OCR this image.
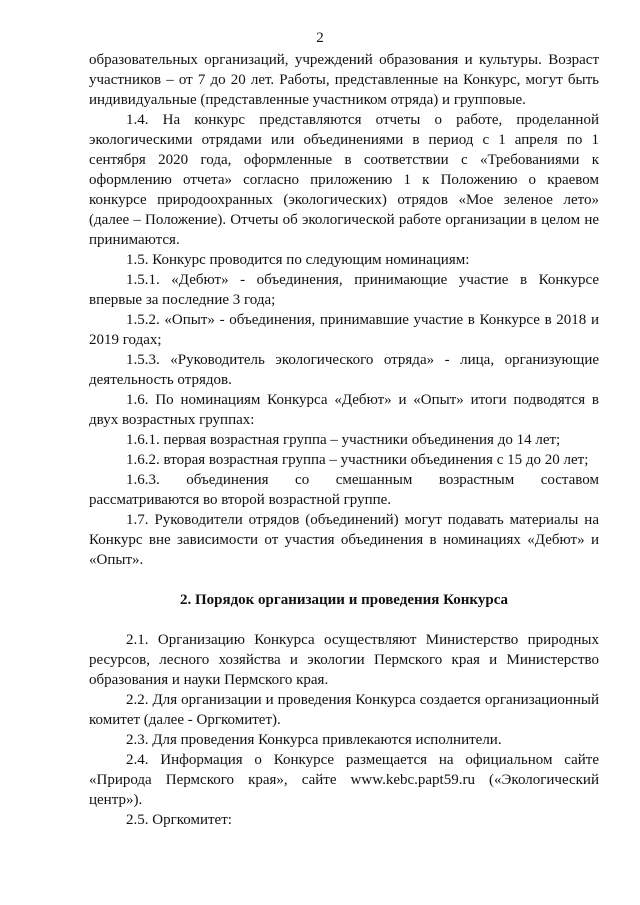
2

образовательных организаций, учреждений образования и культуры. Возраст участников – от 7 до 20 лет. Работы, представленные на Конкурс, могут быть индивидуальные (представленные участником отряда) и групповые.

1.4. На конкурс представляются отчеты о работе, проделанной экологическими отрядами или объединениями в период с 1 апреля по 1 сентября 2020 года, оформленные в соответствии с «Требованиями к оформлению отчета» согласно приложению 1 к Положению о краевом конкурсе природоохранных (экологических) отрядов «Мое зеленое лето» (далее – Положение). Отчеты об экологической работе организации в целом не принимаются.

1.5. Конкурс проводится по следующим номинациям:

1.5.1. «Дебют» - объединения, принимающие участие в Конкурсе впервые за последние 3 года;

1.5.2. «Опыт» - объединения, принимавшие участие в Конкурсе в 2018 и 2019 годах;

1.5.3. «Руководитель экологического отряда» - лица, организующие деятельность отрядов.

1.6. По номинациям Конкурса «Дебют» и «Опыт» итоги подводятся в двух возрастных группах:

1.6.1. первая возрастная группа – участники объединения до 14 лет;

1.6.2. вторая возрастная группа – участники объединения с 15 до 20 лет;

1.6.3. объединения со смешанным возрастным составом рассматриваются во второй возрастной группе.

1.7. Руководители отрядов (объединений) могут подавать материалы на Конкурс вне зависимости от участия объединения в номинациях «Дебют» и «Опыт».

2. Порядок организации и проведения Конкурса

2.1. Организацию Конкурса осуществляют Министерство природных ресурсов, лесного хозяйства и экологии Пермского края и Министерство образования и науки Пермского края.

2.2. Для организации и проведения Конкурса создается организационный комитет (далее - Оргкомитет).

2.3. Для проведения Конкурса привлекаются исполнители.

2.4. Информация о Конкурсе размещается на официальном сайте «Природа Пермского края», сайте www.kebc.papt59.ru («Экологический центр»).

2.5. Оргкомитет:
